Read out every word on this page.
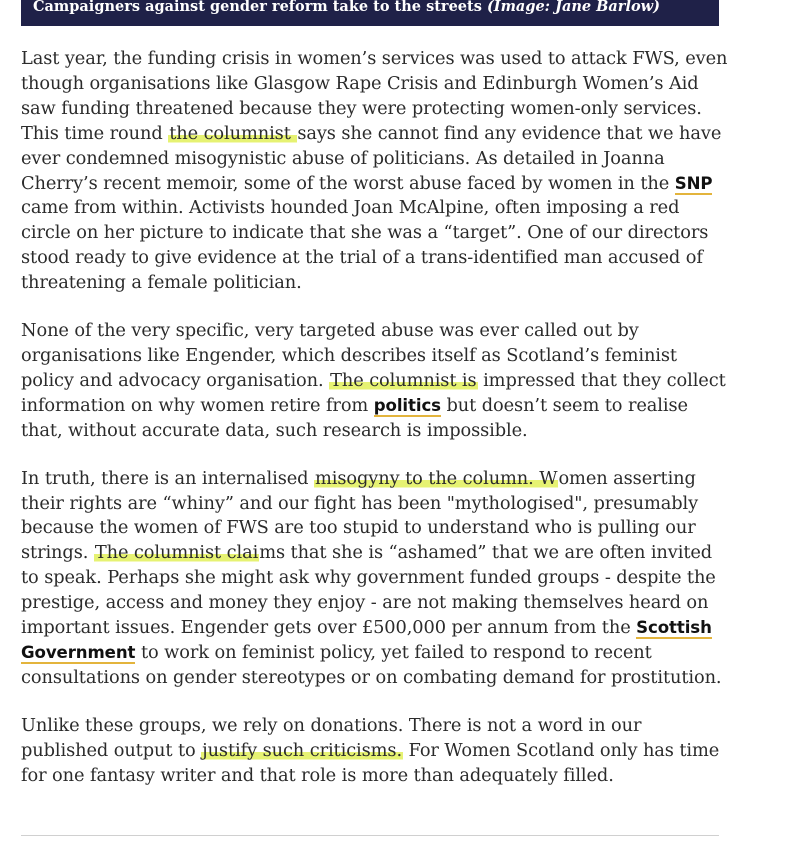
Campaigners against gender reform take to the streets (Image: Jane Barlow)

Last year, the funding crisis in women’s services was used to attack FWS, even though organisations like Glasgow Rape Crisis and Edinburgh Women’s Aid saw funding threatened because they were protecting women-only services. This time round the columnist says she cannot find any evidence that we have ever condemned misogynistic abuse of politicians. As detailed in Joanna Cherry’s recent memoir, some of the worst abuse faced by women in the SNP came from within. Activists hounded Joan McAlpine, often imposing a red circle on her picture to indicate that she was a “target”. One of our directors stood ready to give evidence at the trial of a trans-identified man accused of threatening a female politician.

None of the very specific, very targeted abuse was ever called out by organisations like Engender, which describes itself as Scotland’s feminist policy and advocacy organisation. The columnist is impressed that they collect information on why women retire from politics but doesn’t seem to realise that, without accurate data, such research is impossible.

In truth, there is an internalised misogyny to the column. Women asserting their rights are “whiny” and our fight has been "mythologised", presumably because the women of FWS are too stupid to understand who is pulling our strings. The columnist claims that she is “ashamed” that we are often invited to speak. Perhaps she might ask why government funded groups - despite the prestige, access and money they enjoy - are not making themselves heard on important issues. Engender gets over £500,000 per annum from the Scottish Government to work on feminist policy, yet failed to respond to recent consultations on gender stereotypes or on combating demand for prostitution.

Unlike these groups, we rely on donations. There is not a word in our published output to justify such criticisms. For Women Scotland only has time for one fantasy writer and that role is more than adequately filled.
